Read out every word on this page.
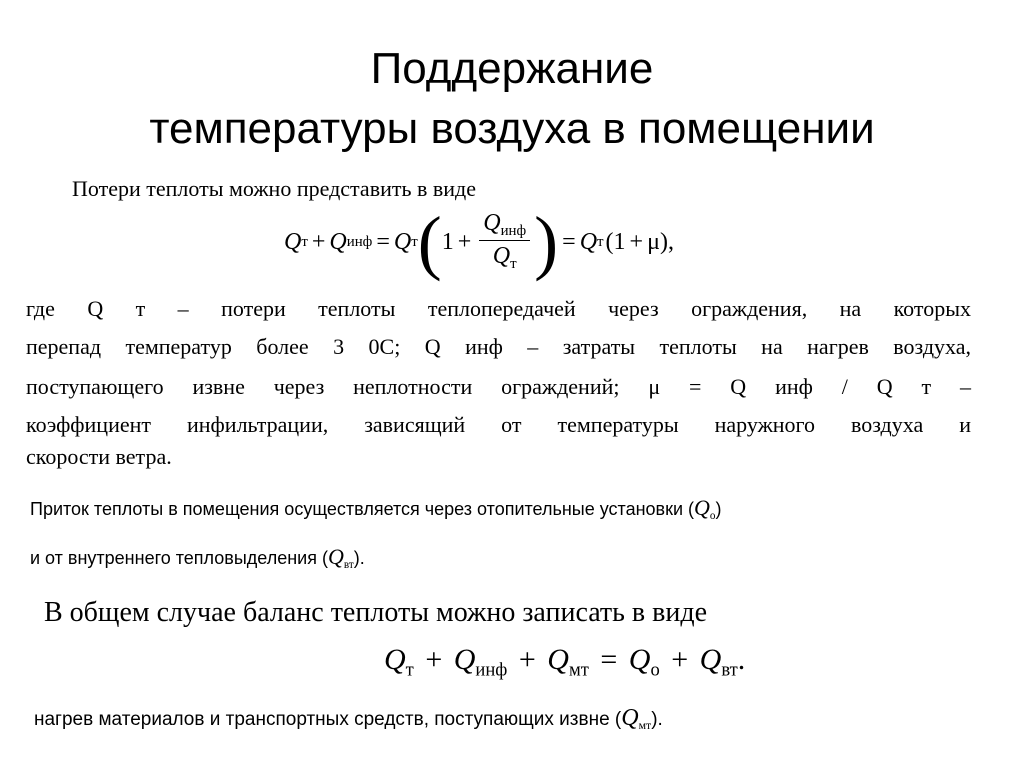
Поддержание
температуры воздуха в помещении
Потери теплоты можно представить в виде
Q т + Q инф = Q т ( $1 + \frac{Q_{инф}}{Q_т}$ ) = Q т ( 1 + μ ) ,
где Q т – потери теплоты теплопередачей через ограждения, на которых
перепад температур более 3 0С; Q инф – затраты теплоты на нагрев воздуха,
поступающего извне через неплотности ограждений; μ = Q инф / Q т –
коэффициент инфильтрации, зависящий от температуры наружного воздуха и
скорости ветра.
Приток теплоты в помещения осуществляется через отопительные установки $(Q_о)$
и от внутреннего тепловыделения $(Q_{вт})$.
В общем случае баланс теплоты можно записать в виде
$Q_т + Q_{инф} + Q_{мт} = Q_о + Q_{вт}$.
нагрев материалов и транспортных средств, поступающих извне $(Q_{мт})$.
